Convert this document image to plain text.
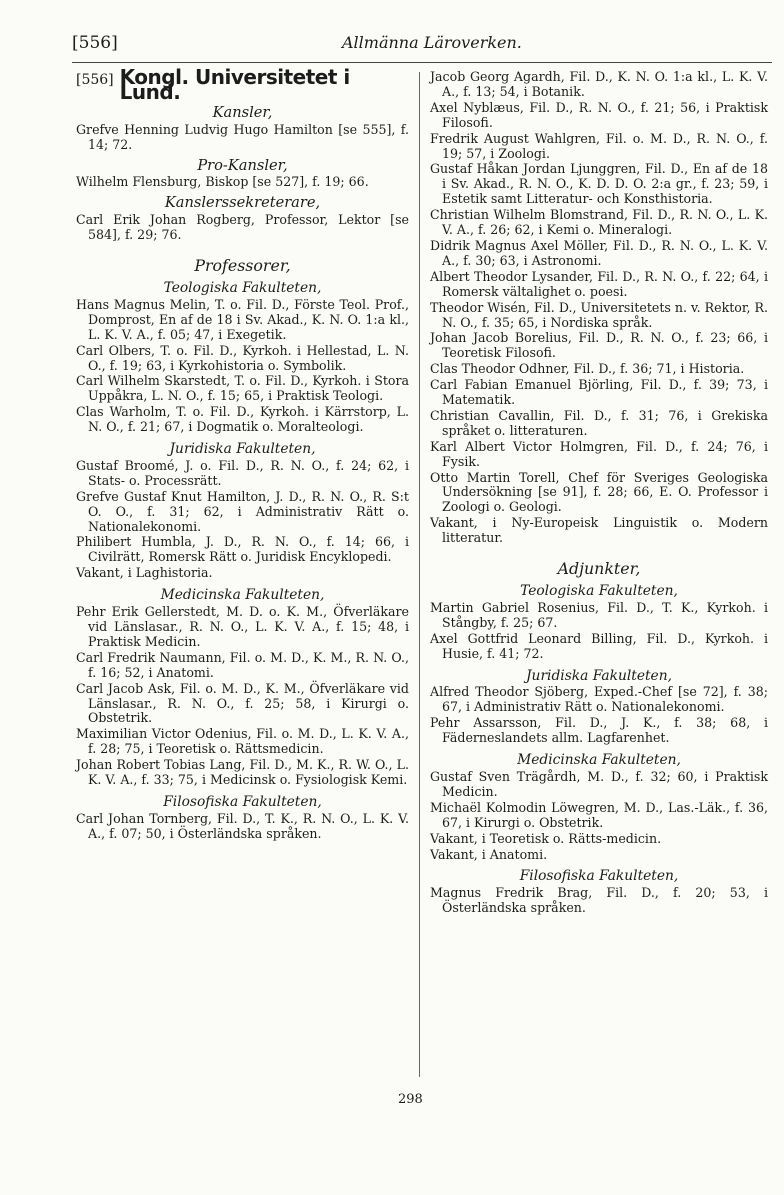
[556]	Allmänna Läroverken.
[556] Kongl. Universitetet i Lund.
Kansler,
Grefve Henning Ludvig Hugo Hamilton [se 555], f. 14; 72.
Pro-Kansler,
Wilhelm Flensburg, Biskop [se 527], f. 19; 66.
Kanslerssekreterare,
Carl Erik Johan Rogberg, Professor, Lektor [se 584], f. 29; 76.
Professorer,
Teologiska Fakulteten,
Hans Magnus Melin, T. o. Fil. D., Förste Teol. Prof., Domprost, En af de 18 i Sv. Akad., K. N. O. 1:a kl., L. K. V. A., f. 05; 47, i Exegetik.
Carl Olbers, T. o. Fil. D., Kyrkoh. i Hellestad, L. N. O., f. 19; 63, i Kyrkohistoria o. Symbolik.
Carl Wilhelm Skarstedt, T. o. Fil. D., Kyrkoh. i Stora Uppåkra, L. N. O., f. 15; 65, i Praktisk Teologi.
Clas Warholm, T. o. Fil. D., Kyrkoh. i Kärrstorp, L. N. O., f. 21; 67, i Dogmatik o. Moralteologi.
Juridiska Fakulteten,
Gustaf Broomé, J. o. Fil. D., R. N. O., f. 24; 62, i Stats- o. Processrätt.
Grefve Gustaf Knut Hamilton, J. D., R. N. O., R. S:t O. O., f. 31; 62, i Administrativ Rätt o. Nationalekonomi.
Philibert Humbla, J. D., R. N. O., f. 14; 66, i Civilrätt, Romersk Rätt o. Juridisk Encyklopedi.
Vakant, i Laghistoria.
Medicinska Fakulteten,
Pehr Erik Gellerstedt, M. D. o. K. M., Öfverläkare vid Länslasar., R. N. O., L. K. V. A., f. 15; 48, i Praktisk Medicin.
Carl Fredrik Naumann, Fil. o. M. D., K. M., R. N. O., f. 16; 52, i Anatomi.
Carl Jacob Ask, Fil. o. M. D., K. M., Öfverläkare vid Länslasar., R. N. O., f. 25; 58, i Kirurgi o. Obstetrik.
Maximilian Victor Odenius, Fil. o. M. D., L. K. V. A., f. 28; 75, i Teoretisk o. Rättsmedicin.
Johan Robert Tobias Lang, Fil. D., M. K., R. W. O., L. K. V. A., f. 33; 75, i Medicinsk o. Fysiologisk Kemi.
Filosofiska Fakulteten,
Carl Johan Tornberg, Fil. D., T. K., R. N. O., L. K. V. A., f. 07; 50, i Österländska språken.
Jacob Georg Agardh, Fil. D., K. N. O. 1:a kl., L. K. V. A., f. 13; 54, i Botanik.
Axel Nyblæus, Fil. D., R. N. O., f. 21; 56, i Praktisk Filosofi.
Fredrik August Wahlgren, Fil. o. M. D., R. N. O., f. 19; 57, i Zoologi.
Gustaf Håkan Jordan Ljunggren, Fil. D., En af de 18 i Sv. Akad., R. N. O., K. D. D. O. 2:a gr., f. 23; 59, i Estetik samt Litteratur- och Konsthistoria.
Christian Wilhelm Blomstrand, Fil. D., R. N. O., L. K. V. A., f. 26; 62, i Kemi o. Mineralogi.
Didrik Magnus Axel Möller, Fil. D., R. N. O., L. K. V. A., f. 30; 63, i Astronomi.
Albert Theodor Lysander, Fil. D., R. N. O., f. 22; 64, i Romersk vältalighet o. poesi.
Theodor Wisén, Fil. D., Universitetets n. v. Rektor, R. N. O., f. 35; 65, i Nordiska språk.
Johan Jacob Borelius, Fil. D., R. N. O., f. 23; 66, i Teoretisk Filosofi.
Clas Theodor Odhner, Fil. D., f. 36; 71, i Historia.
Carl Fabian Emanuel Björling, Fil. D., f. 39; 73, i Matematik.
Christian Cavallin, Fil. D., f. 31; 76, i Grekiska språket o. litteraturen.
Karl Albert Victor Holmgren, Fil. D., f. 24; 76, i Fysik.
Otto Martin Torell, Chef för Sveriges Geologiska Undersökning [se 91], f. 28; 66, E. O. Professor i Zoologi o. Geologi.
Vakant, i Ny-Europeisk Linguistik o. Modern litteratur.
Adjunkter,
Teologiska Fakulteten,
Martin Gabriel Rosenius, Fil. D., T. K., Kyrkoh. i Stångby, f. 25; 67.
Axel Gottfrid Leonard Billing, Fil. D., Kyrkoh. i Husie, f. 41; 72.
Juridiska Fakulteten,
Alfred Theodor Sjöberg, Exped.-Chef [se 72], f. 38; 67, i Administrativ Rätt o. Nationalekonomi.
Pehr Assarsson, Fil. D., J. K., f. 38; 68, i Fäderneslandets allm. Lagfarenhet.
Medicinska Fakulteten,
Gustaf Sven Trägårdh, M. D., f. 32; 60, i Praktisk Medicin.
Michaël Kolmodin Löwegren, M. D., Las.-Läk., f. 36, 67, i Kirurgi o. Obstetrik.
Vakant, i Teoretisk o. Rätts-medicin.
Vakant, i Anatomi.
Filosofiska Fakulteten,
Magnus Fredrik Brag, Fil. D., f. 20; 53, i Österländska språken.
298
